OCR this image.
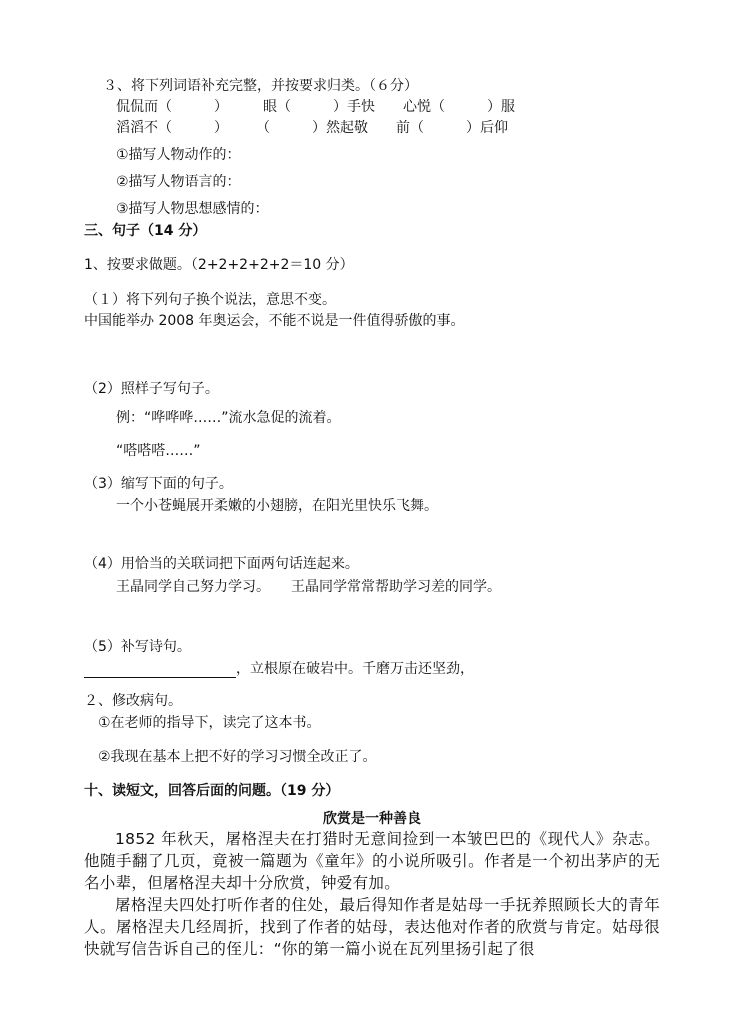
３、将下列词语补充完整，并按要求归类。（６分）
侃侃而（　　　）　　　眼（　　　）手快　　心悦（　　　）服
滔滔不（　　　）　　　（　　　）然起敬　　前（　　　）后仰
①描写人物动作的：
②描写人物语言的：
③描写人物思想感情的：
三、句子（14 分）
1、按要求做题。（2+2+2+2+2＝10 分）
（１）将下列句子换个说法，意思不变。
中国能举办 2008 年奥运会，不能不说是一件值得骄傲的事。
（2）照样子写句子。
例：“哗哗哗……”流水急促的流着。
“嗒嗒嗒……”
（3）缩写下面的句子。
一个小苍蝇展开柔嫩的小翅膀，在阳光里快乐飞舞。
（4）用恰当的关联词把下面两句话连起来。
王晶同学自己努力学习。　　王晶同学常常帮助学习差的同学。
（5）补写诗句。
，立根原在破岩中。千磨万击还坚劲，
２、修改病句。
①在老师的指导下，读完了这本书。
②我现在基本上把不好的学习习惯全改正了。
十、读短文，回答后面的问题。（19 分）
欣赏是一种善良
1852 年秋天，屠格涅夫在打猎时无意间捡到一本皱巴巴的《现代人》杂志。他随手翻了几页，竟被一篇题为《童年》的小说所吸引。作者是一个初出茅庐的无名小辈，但屠格涅夫却十分欣赏，钟爱有加。
屠格涅夫四处打听作者的住处，最后得知作者是姑母一手抚养照顾长大的青年人。屠格涅夫几经周折，找到了作者的姑母，表达他对作者的欣赏与肯定。姑母很快就写信告诉自己的侄儿：“你的第一篇小说在瓦列里扬引起了很
